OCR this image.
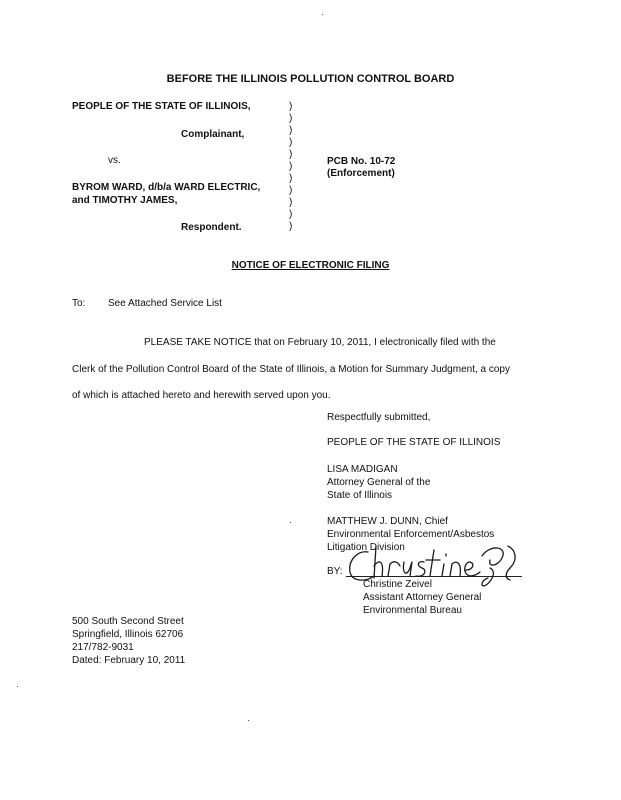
BEFORE THE ILLINOIS POLLUTION CONTROL BOARD
PEOPLE OF THE STATE OF ILLINOIS,
Complainant,
vs.
BYROM WARD, d/b/a WARD ELECTRIC,
and TIMOTHY JAMES,
Respondent.
)
)
)
)
)
)
)
)
)
)
)
PCB No. 10-72
(Enforcement)
NOTICE OF ELECTRONIC FILING
To: See Attached Service List
PLEASE TAKE NOTICE that on February 10, 2011, I electronically filed with the
Clerk of the Pollution Control Board of the State of Illinois, a Motion for Summary Judgment, a copy
of which is attached hereto and herewith served upon you.
Respectfully submitted,
PEOPLE OF THE STATE OF ILLINOIS
LISA MADIGAN
Attorney General of the
State of Illinois
MATTHEW J. DUNN, Chief
Environmental Enforcement/Asbestos
Litigation Division
BY:
Christine Zeivel
Assistant Attorney General
Environmental Bureau
500 South Second Street
Springfield, Illinois 62706
217/782-9031
Dated: February 10, 2011
